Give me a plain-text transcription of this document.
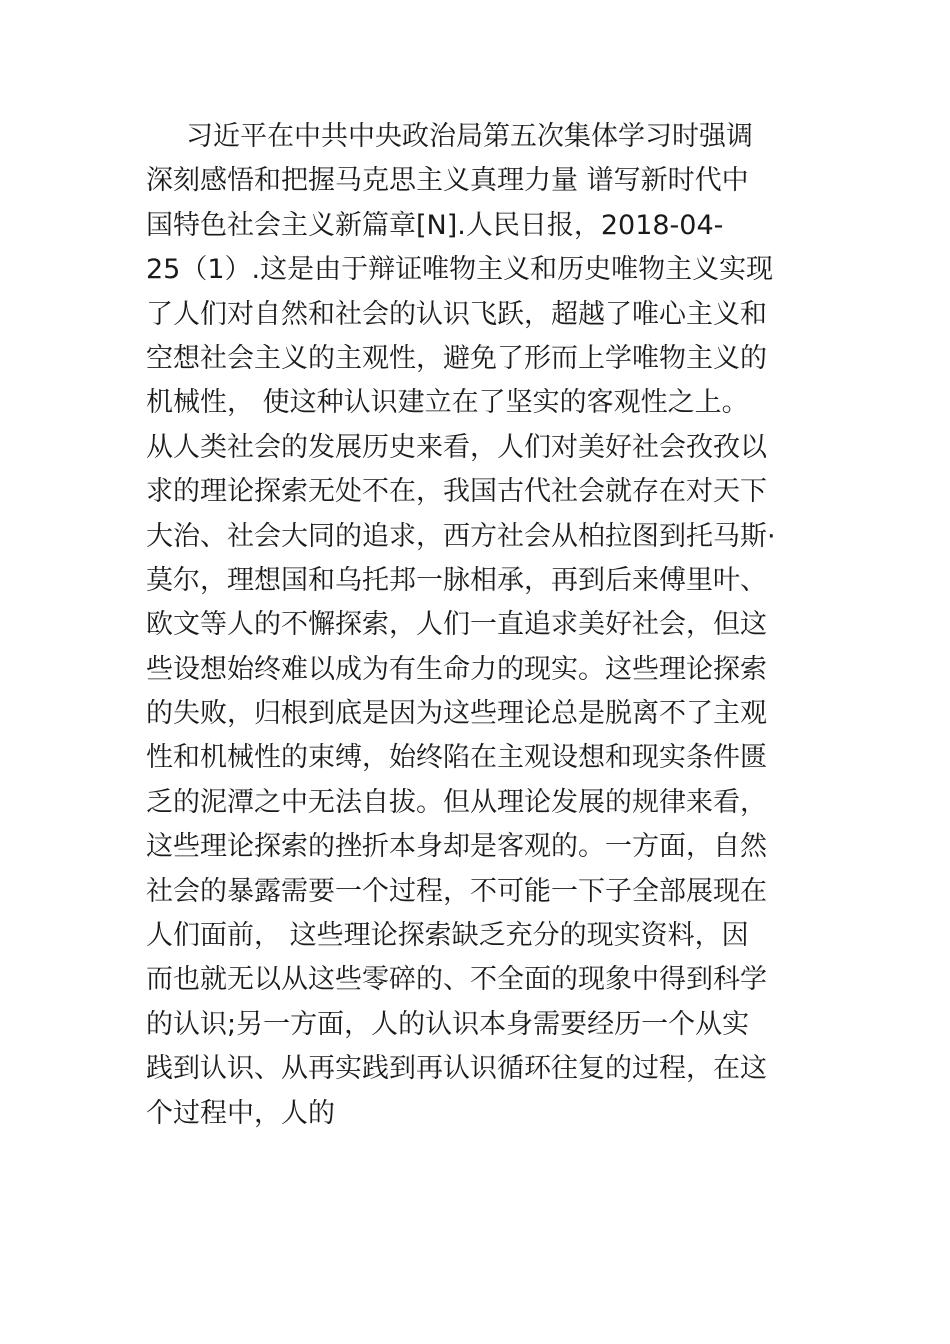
习近平在中共中央政治局第五次集体学习时强调
深刻感悟和把握马克思主义真理力量 谱写新时代中
国特色社会主义新篇章[N].人民日报，2018-04-
25（1）.这是由于辩证唯物主义和历史唯物主义实现
了人们对自然和社会的认识飞跃，超越了唯心主义和
空想社会主义的主观性，避免了形而上学唯物主义的
机械性， 使这种认识建立在了坚实的客观性之上。
从人类社会的发展历史来看，人们对美好社会孜孜以
求的理论探索无处不在，我国古代社会就存在对天下
大治、社会大同的追求，西方社会从柏拉图到托马斯·
莫尔，理想国和乌托邦一脉相承，再到后来傅里叶、
欧文等人的不懈探索，人们一直追求美好社会，但这
些设想始终难以成为有生命力的现实。这些理论探索
的失败，归根到底是因为这些理论总是脱离不了主观
性和机械性的束缚，始终陷在主观设想和现实条件匮
乏的泥潭之中无法自拔。但从理论发展的规律来看，
这些理论探索的挫折本身却是客观的。一方面，自然
社会的暴露需要一个过程，不可能一下子全部展现在
人们面前， 这些理论探索缺乏充分的现实资料，因
而也就无以从这些零碎的、不全面的现象中得到科学
的认识;另一方面，人的认识本身需要经历一个从实
践到认识、从再实践到再认识循环往复的过程，在这
个过程中，人的
